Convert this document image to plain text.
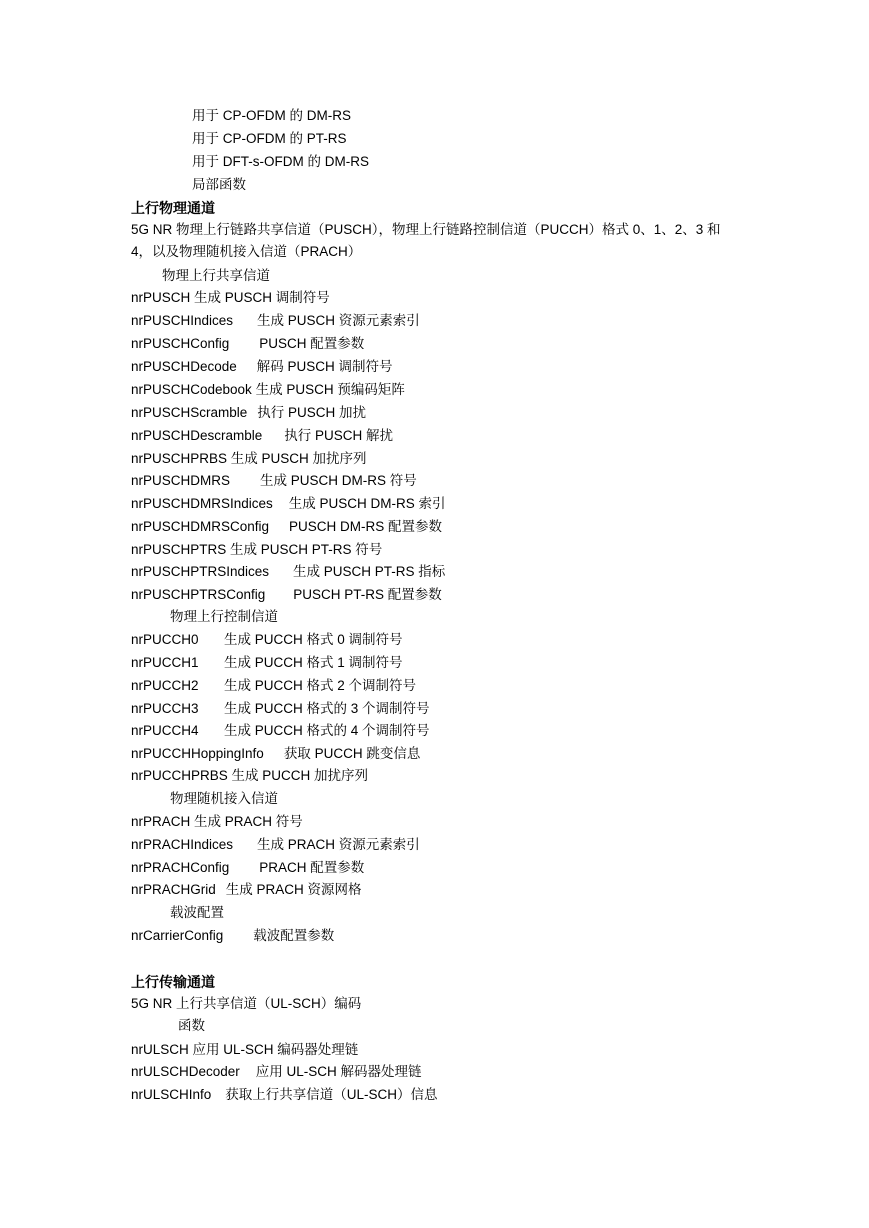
用于 CP-OFDM 的 DM-RS
用于 CP-OFDM 的 PT-RS
用于 DFT-s-OFDM 的 DM-RS
局部函数
上行物理通道
5G NR 物理上行链路共享信道（PUSCH），物理上行链路控制信道（PUCCH）格式 0、1、2、3 和 4，以及物理随机接入信道（PRACH）
物理上行共享信道
nrPUSCH 生成 PUSCH 调制符号
nrPUSCHIndices 生成 PUSCH 资源元素索引
nrPUSCHConfig PUSCH 配置参数
nrPUSCHDecode 解码 PUSCH 调制符号
nrPUSCHCodebook 生成 PUSCH 预编码矩阵
nrPUSCHScramble 执行 PUSCH 加扰
nrPUSCHDescramble 执行 PUSCH 解扰
nrPUSCHPRBS 生成 PUSCH 加扰序列
nrPUSCHDMRS 生成 PUSCH DM-RS 符号
nrPUSCHDMRSIndices 生成 PUSCH DM-RS 索引
nrPUSCHDMRSConfig PUSCH DM-RS 配置参数
nrPUSCHPTRS 生成 PUSCH PT-RS 符号
nrPUSCHPTRSIndices 生成 PUSCH PT-RS 指标
nrPUSCHPTRSConfig PUSCH PT-RS 配置参数
物理上行控制信道
nrPUCCH0 生成 PUCCH 格式 0 调制符号
nrPUCCH1 生成 PUCCH 格式 1 调制符号
nrPUCCH2 生成 PUCCH 格式 2 个调制符号
nrPUCCH3 生成 PUCCH 格式的 3 个调制符号
nrPUCCH4 生成 PUCCH 格式的 4 个调制符号
nrPUCCHHoppingInfo 获取 PUCCH 跳变信息
nrPUCCHPRBS 生成 PUCCH 加扰序列
物理随机接入信道
nrPRACH 生成 PRACH 符号
nrPRACHIndices 生成 PRACH 资源元素索引
nrPRACHConfig PRACH 配置参数
nrPRACHGrid 生成 PRACH 资源网格
载波配置
nrCarrierConfig 载波配置参数
上行传输通道
5G NR 上行共享信道（UL-SCH）编码
函数
nrULSCH 应用 UL-SCH 编码器处理链
nrULSCHDecoder 应用 UL-SCH 解码器处理链
nrULSCHInfo 获取上行共享信道（UL-SCH）信息
